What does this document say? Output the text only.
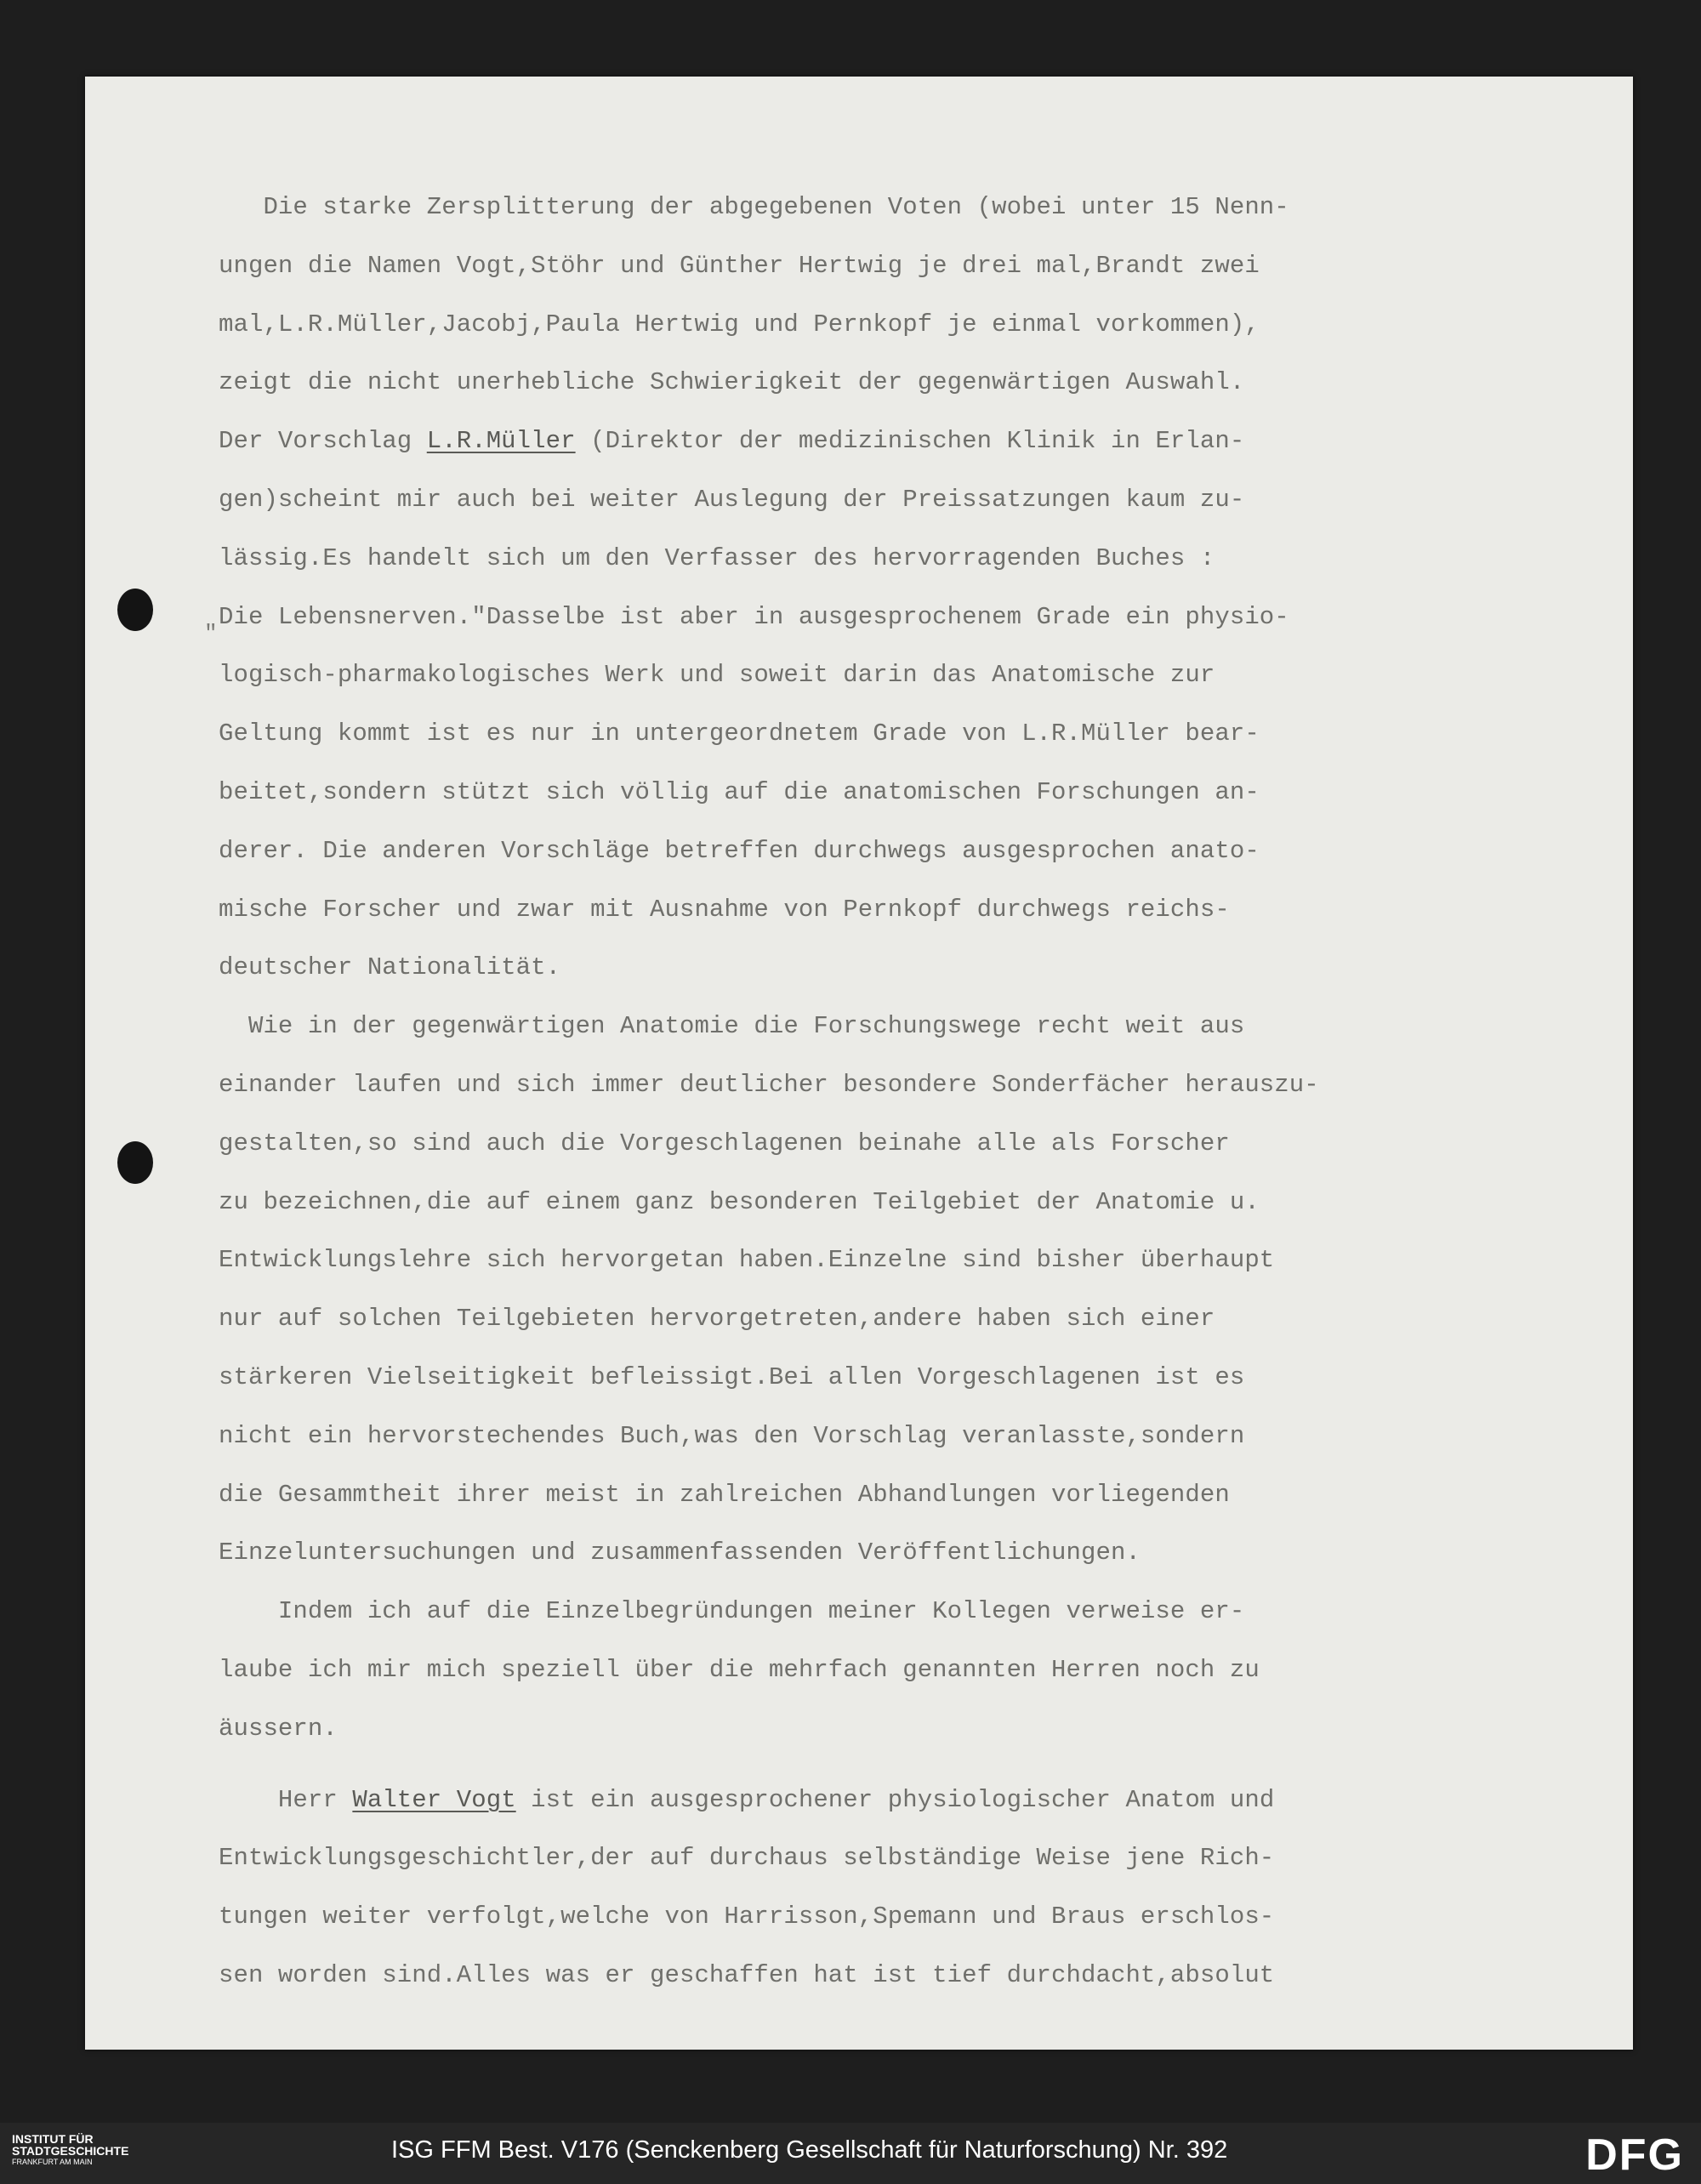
"
Die starke Zersplitterung der abgegebenen Voten (wobei unter 15 Nenn-
ungen die Namen Vogt,Stöhr und Günther Hertwig je drei mal,Brandt zwei
mal,L.R.Müller,Jacobj,Paula Hertwig und Pernkopf je einmal vorkommen),
zeigt die nicht unerhebliche Schwierigkeit der gegenwärtigen Auswahl.
Der Vorschlag L.R.Müller (Direktor der medizinischen Klinik in Erlan-
gen)scheint mir auch bei weiter Auslegung der Preissatzungen kaum zu-
lässig.Es handelt sich um den Verfasser des hervorragenden Buches :
Die Lebensnerven."Dasselbe ist aber in ausgesprochenem Grade ein physio-
logisch-pharmakologisches Werk und soweit darin das Anatomische zur
Geltung kommt ist es nur in untergeordnetem Grade von L.R.Müller bear-
beitet,sondern stützt sich völlig auf die anatomischen Forschungen an-
derer. Die anderen Vorschläge betreffen durchwegs ausgesprochen anato-
mische Forscher und zwar mit Ausnahme von Pernkopf durchwegs reichs-
deutscher Nationalität.
Wie in der gegenwärtigen Anatomie die Forschungswege recht weit aus
einander laufen und sich immer deutlicher besondere Sonderfächer herauszu-
gestalten,so sind auch die Vorgeschlagenen beinahe alle als Forscher
zu bezeichnen,die auf einem ganz besonderen Teilgebiet der Anatomie u.
Entwicklungslehre sich hervorgetan haben.Einzelne sind bisher überhaupt
nur auf solchen Teilgebieten hervorgetreten,andere haben sich einer
stärkeren Vielseitigkeit befleissigt.Bei allen Vorgeschlagenen ist es
nicht ein hervorstechendes Buch,was den Vorschlag veranlasste,sondern
die Gesammtheit ihrer meist in zahlreichen Abhandlungen vorliegenden
Einzeluntersuchungen und zusammenfassenden Veröffentlichungen.
Indem ich auf die Einzelbegründungen meiner Kollegen verweise er-
laube ich mir mich speziell über die mehrfach genannten Herren noch zu
äussern.
Herr Walter Vogt ist ein ausgesprochener physiologischer Anatom und
Entwicklungsgeschichtler,der auf durchaus selbständige Weise jene Rich-
tungen weiter verfolgt,welche von Harrisson,Spemann und Braus erschlos-
sen worden sind.Alles was er geschaffen hat ist tief durchdacht,absolut
INSTITUT FÜR
STADTGESCHICHTE
FRANKFURT AM MAIN	ISG FFM Best. V176 (Senckenberg Gesellschaft für Naturforschung) Nr. 392	DFG
